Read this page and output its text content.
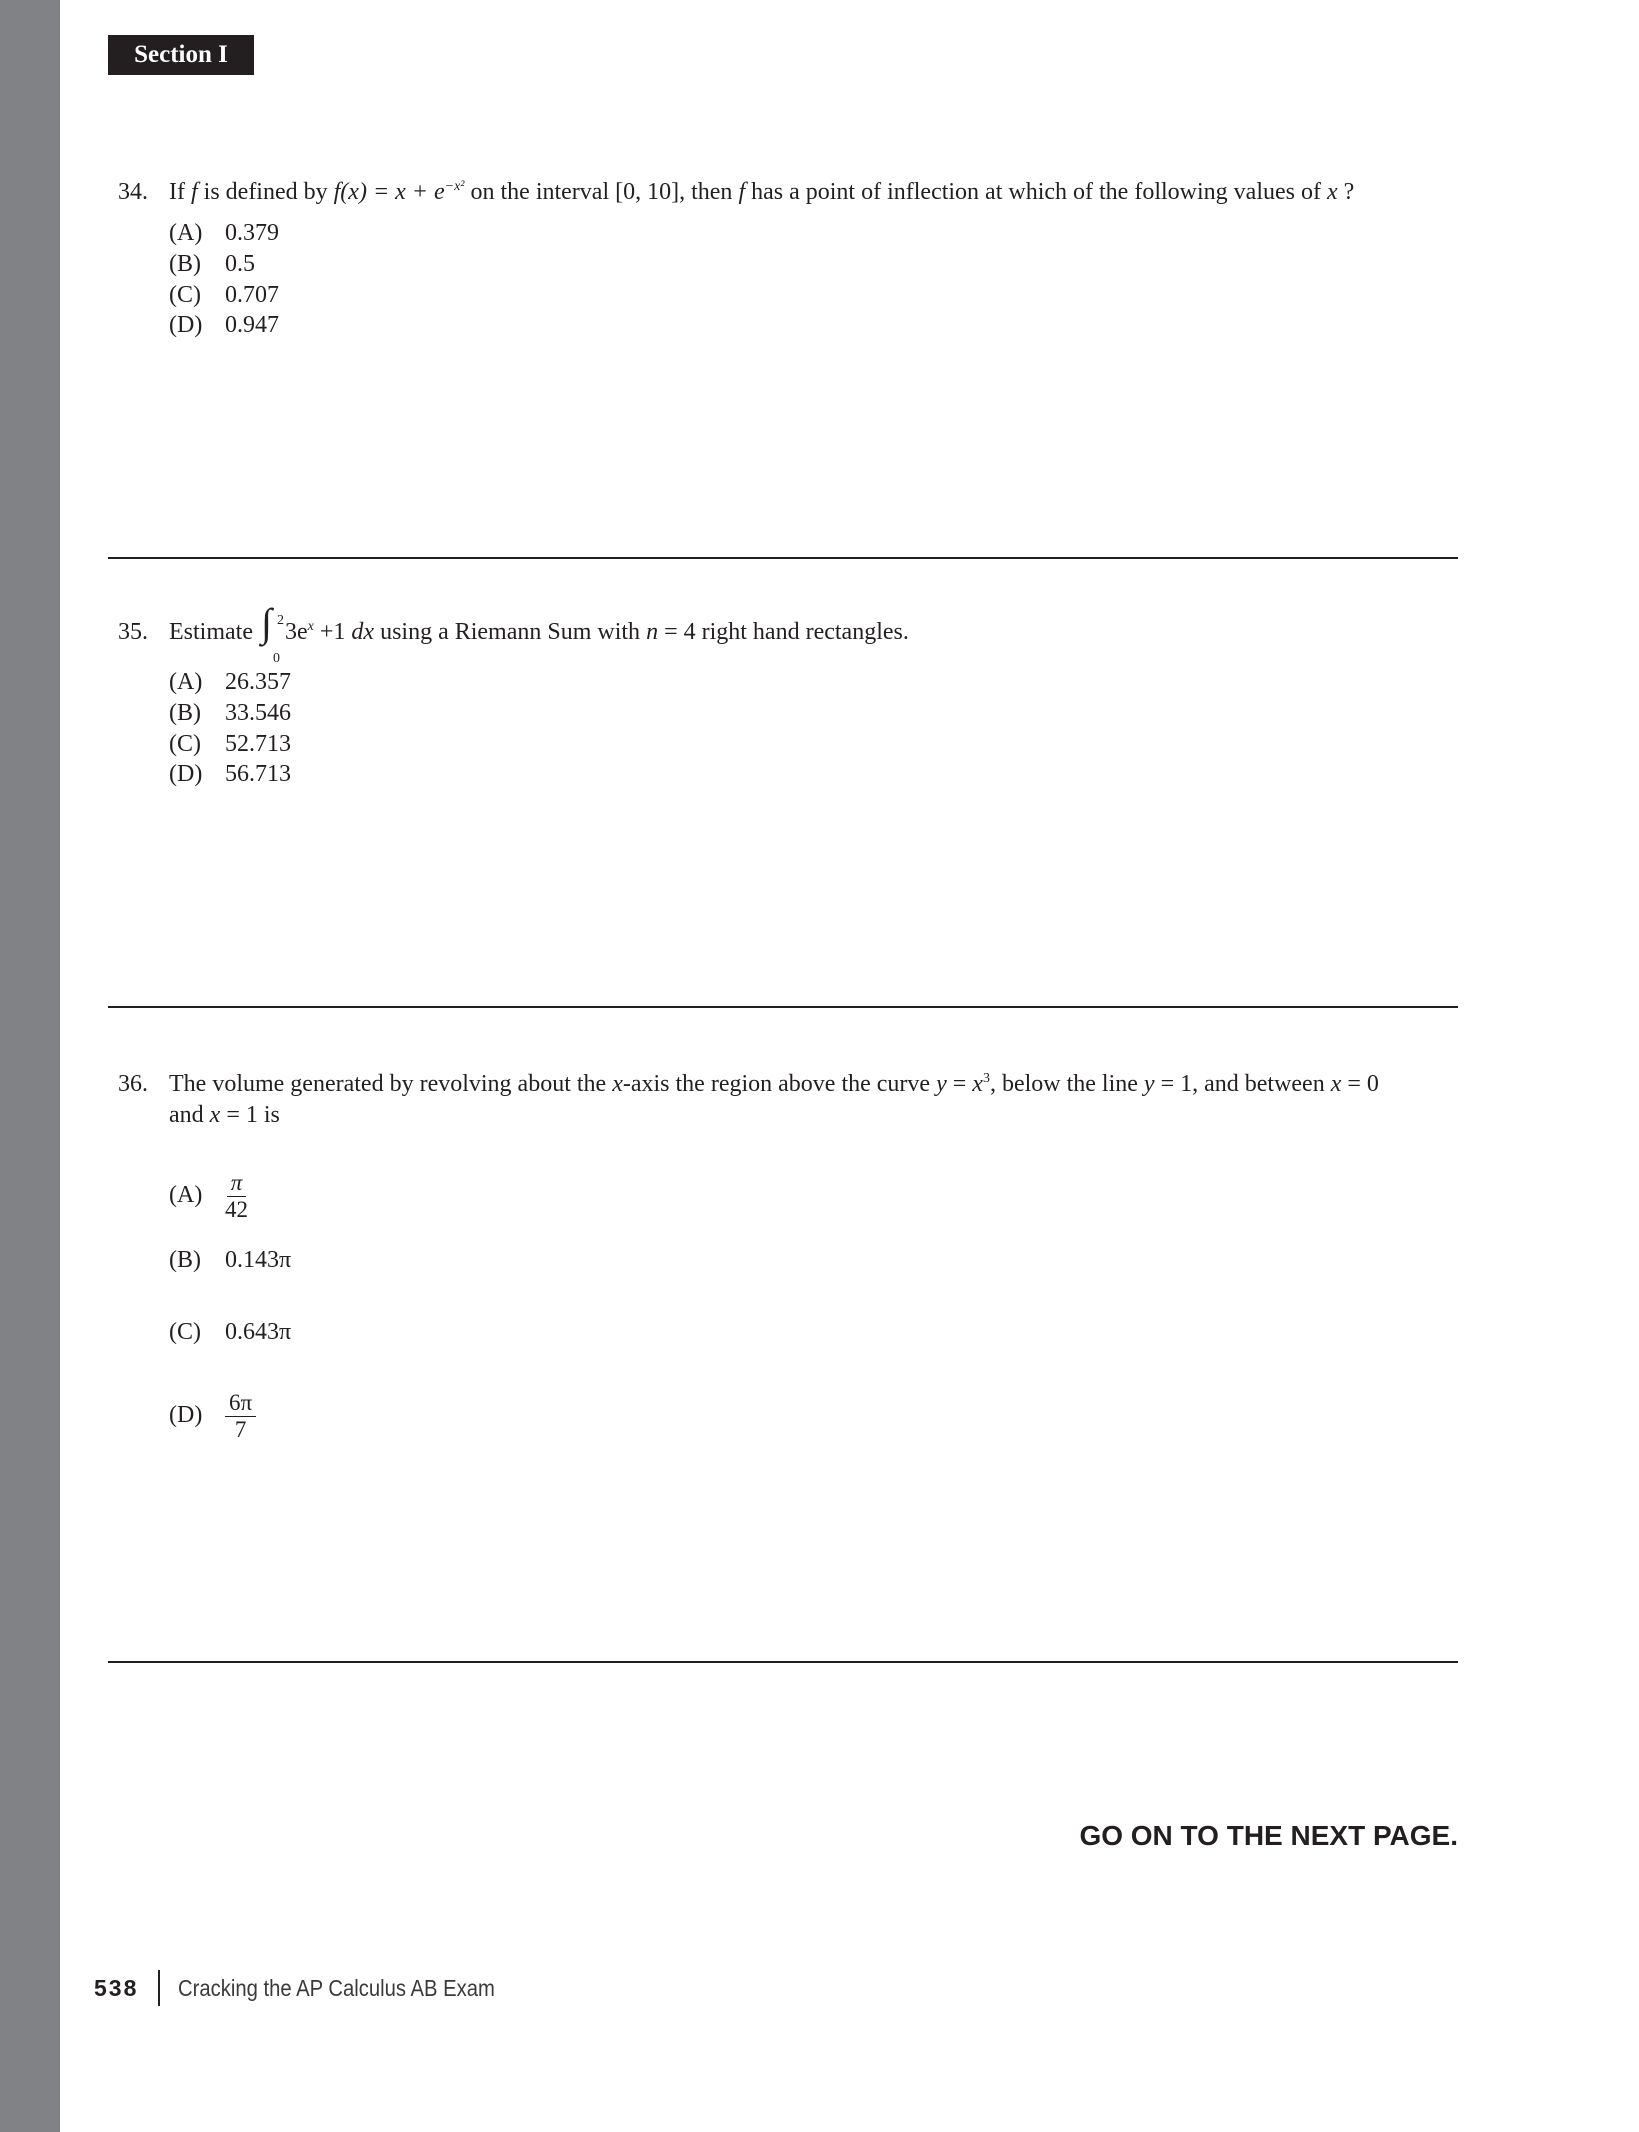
Section I
34. If f is defined by $f(x) = x + e^{-x^2}$ on the interval [0, 10], then f has a point of inflection at which of the following values of x ?
(A) 0.379
(B) 0.5
(C) 0.707
(D) 0.947
35. Estimate ∫ 2
0
$3e^x +1$ dx using a Riemann Sum with n = 4 right hand rectangles.
(A) 26.357
(B) 33.546
(C) 52.713
(D) 56.713
36. The volume generated by revolving about the x-axis the region above the curve $y = x^3$, below the line y = 1, and between x = 0
and x = 1 is
$(A) \frac{\pi}{42}$
(B) 0.143π
(C) 0.643π
$(D) \frac{6\pi}{7}$
GO ON TO THE NEXT PAGE.
538 Cracking the AP Calculus AB Exam
